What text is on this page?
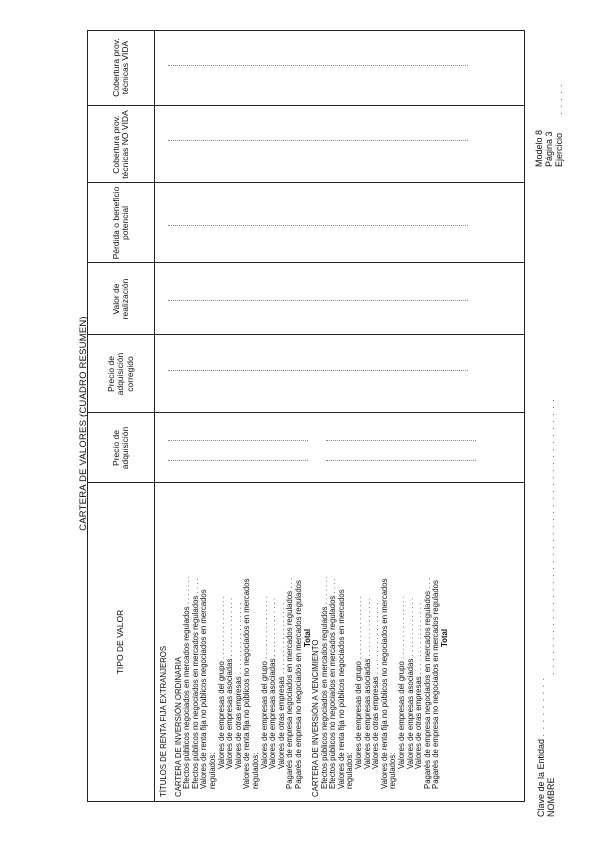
Clave de la Entidad . . . . . . . . .
NOMBRE . . . . . . . . . . . . . . . . . . . . . . . . . . . . . . . . . . . . . . . .
Modelo 8 Página 3 Ejercicio . . . . .
CARTERA DE VALORES (CUADRO RESUMEN)
TIPO DE VALOR
Precio de adquisición
Precio de adquisición corregido
Valor de realización
Pérdida o beneficio potencial
Cobertura prov. técnicas NO VIDA
Cobertura prov. técnicas VIDA
TÍTULOS DE RENTA FIJA EXTRANJEROS CARTERA DE INVERSIÓN ORDINARIA Efectos públicos negociados en mercados regulados . . . . . . .
Efectos públicos no negociados en mercados regulados . . . .
Valores de renta fija no públicos negociados en mercados regulados:
Valores de empresas del grupo . . . . . . . . . . . . . . .
Valores de empresas asociadas . . . . . . . . . . . . . .
Valores de otras empresas . . . . . . . . . . . . . . . . . Valores de renta fija no públicos no negociados en mercados regulados:
Valores de empresas del grupo . . . . . . . . . . . . . . .
Valores de empresas asociadas . . . . . . . . . . . . . .
Valores de otras empresas . . . . . . . . . . . . . . . . . Pagarés de empresa negociados en mercados regulados . . . Pagarés de empresa no negociados en mercados regulados Total
CARTERA DE INVERSIÓN A VENCIMIENTO Efectos públicos negociados en mercados regulados . . . . . . .
Efectos públicos no negociados en mercados regulados . . . .
Valores de renta fija no públicos negociados en mercados regulados:
Valores de empresas del grupo . . . . . . . . . . . . . . .
Valores de empresas asociadas . . . . . . . . . . . . . .
Valores de otras empresas . . . . . . . . . . . . . . . . . Valores de renta fija no públicos no negociados en mercados regulados:
Valores de empresas del grupo . . . . . . . . . . . . . . .
Valores de empresas asociadas . . . . . . . . . . . . . .
Valores de otras empresas . . . . . . . . . . . . . . . . . Pagarés de empresa negociados en mercados regulados . . . Pagarés de empresa no negociados en mercados regulados Total
